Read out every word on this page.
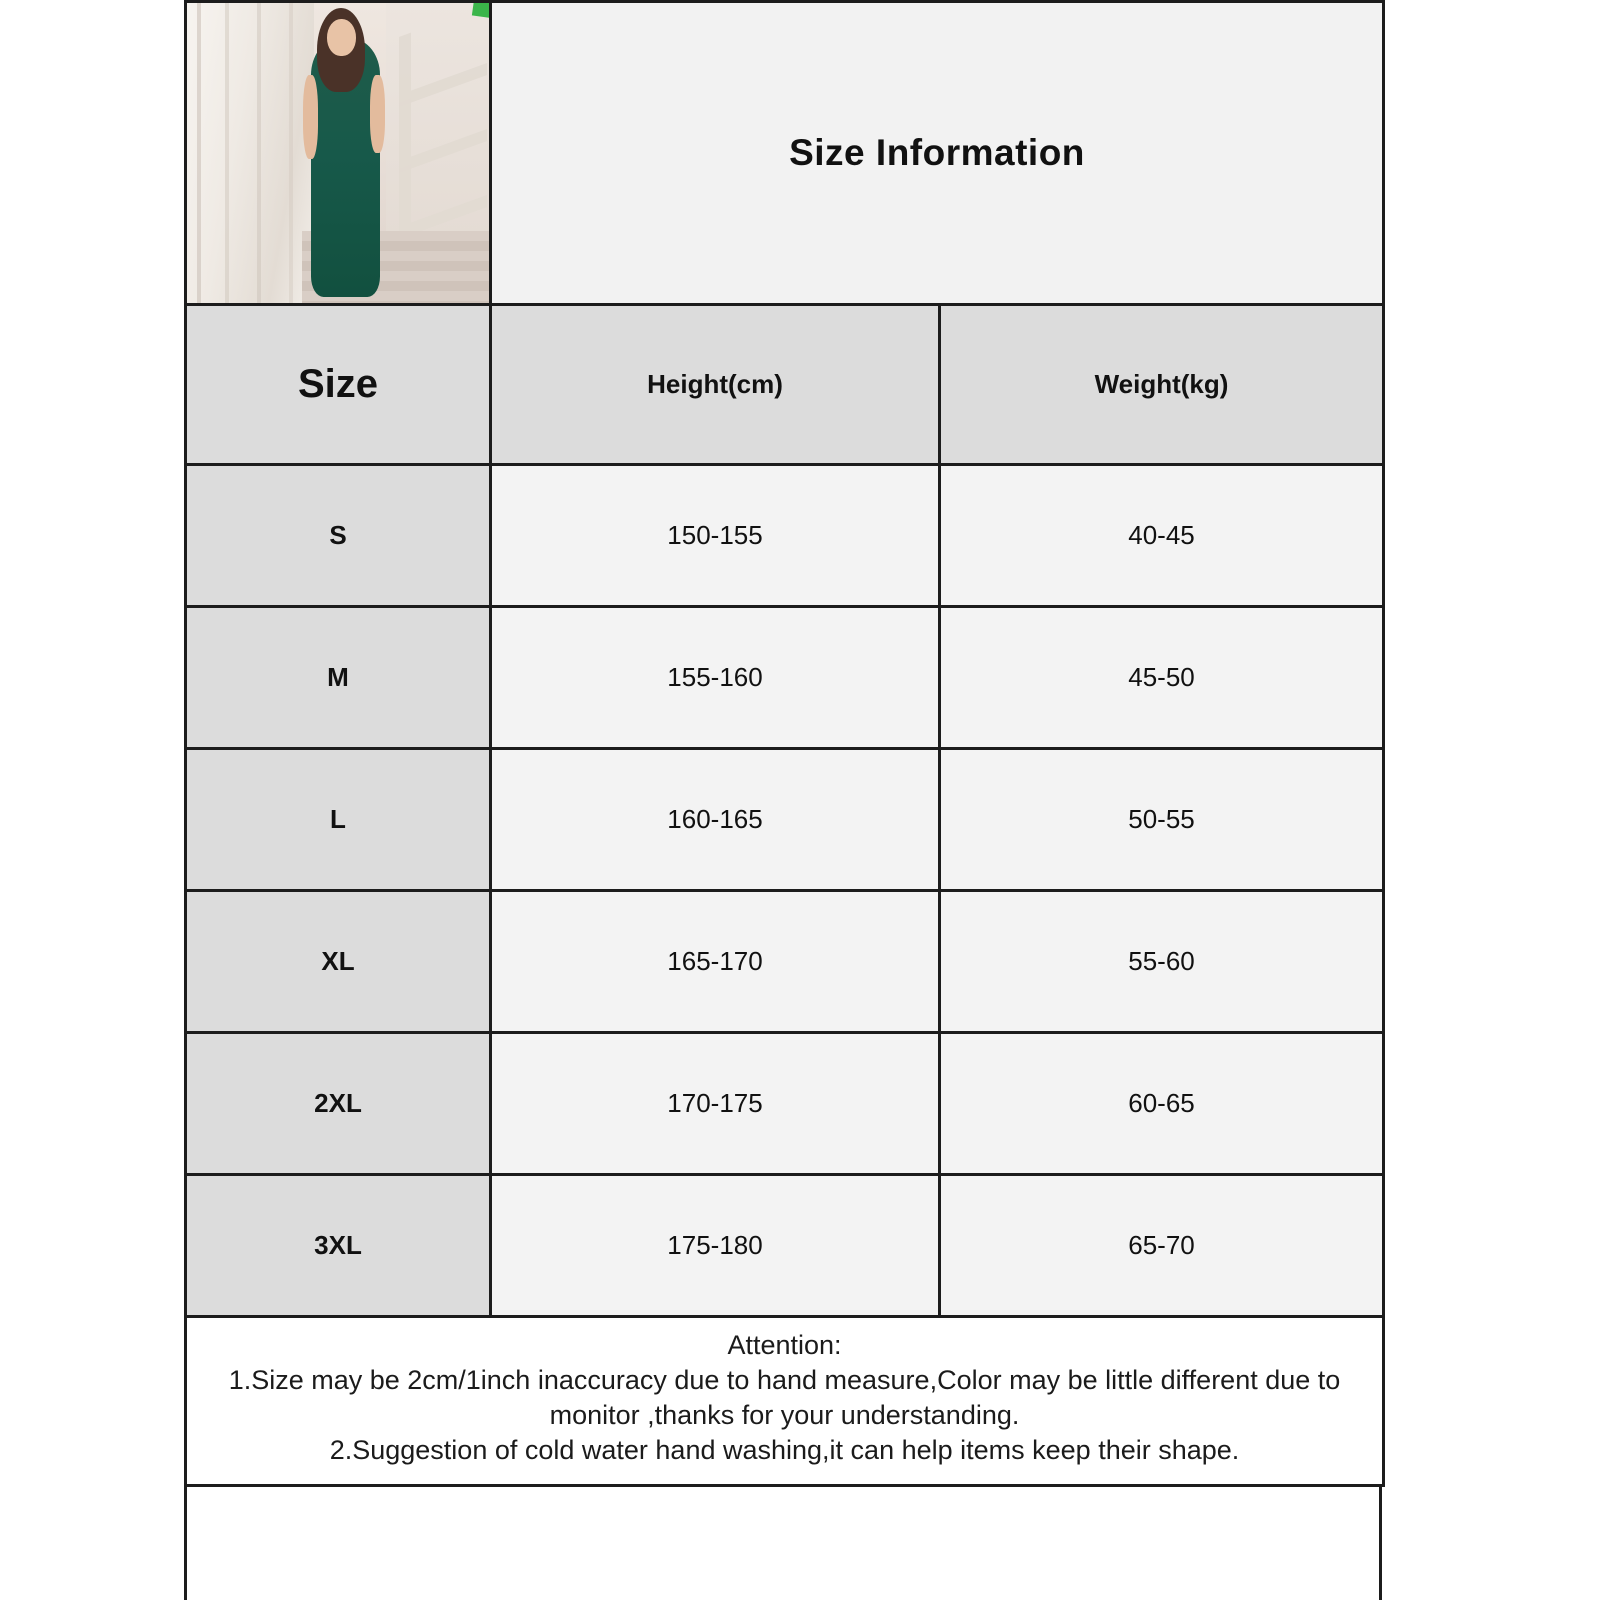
	Size Information	
Size	Height(cm)	Weight(kg)
S	150-155	40-45
M	155-160	45-50
L	160-165	50-55
XL	165-170	55-60
2XL	170-175	60-65
3XL	175-180	65-70

Attention:
1.Size may be 2cm/1inch inaccuracy due to hand measure,Color may be little different due to monitor ,thanks for your understanding.
2.Suggestion of cold water hand washing,it can help items keep their shape.		
